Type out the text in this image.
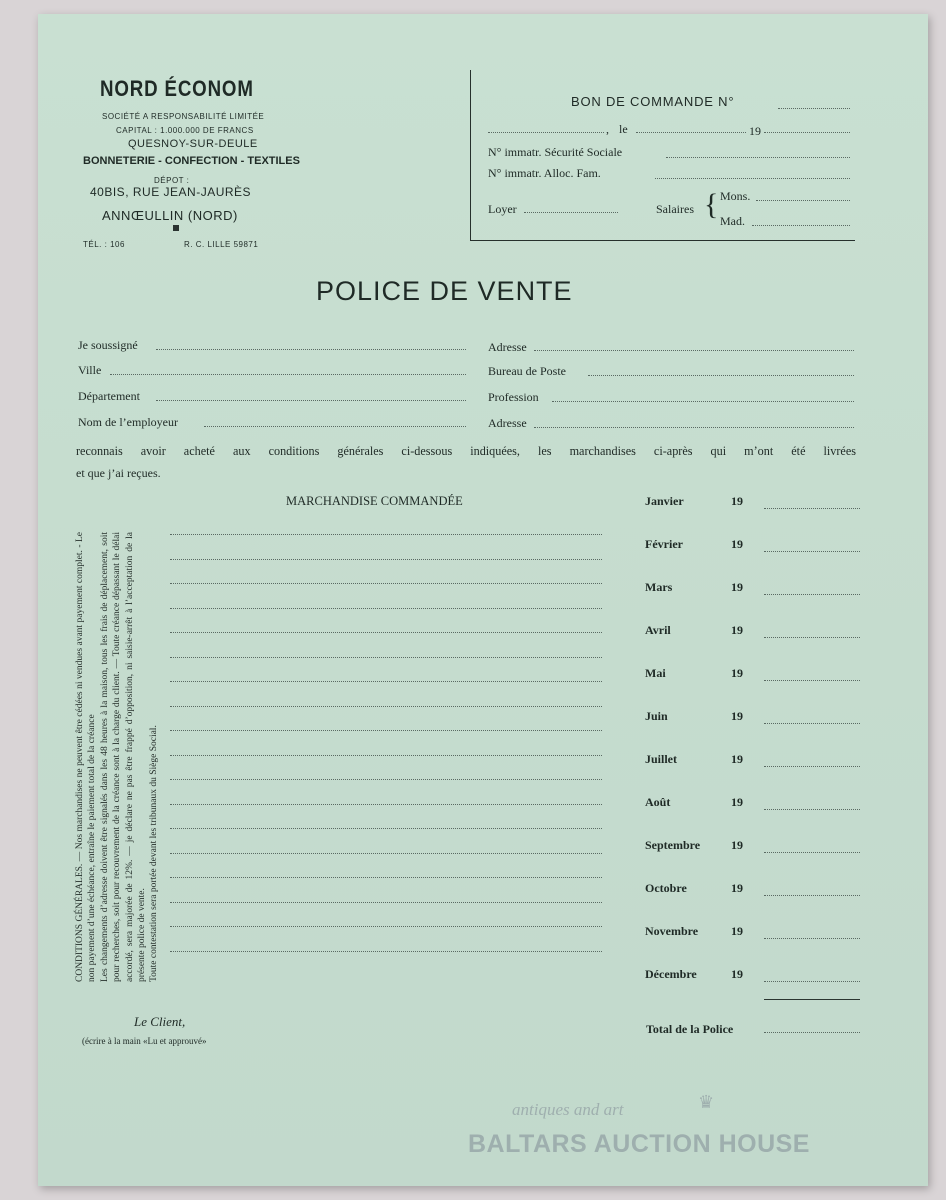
NORD ÉCONOM
SOCIÉTÉ A RESPONSABILITÉ LIMITÉE
CAPITAL : 1.000.000 DE FRANCS
QUESNOY-SUR-DEULE
BONNETERIE - CONFECTION - TEXTILES
DÉPOT :
40BIS, RUE JEAN-JAURÈS
ANNŒULLIN (NORD)
TÉL. : 106	R. C. LILLE 59871
BON DE COMMANDE N°
, le	19
N° immatr. Sécurité Sociale
N° immatr. Alloc. Fam.
Loyer	Salaires { Mons.
Mad.
POLICE DE VENTE
Je soussigné	Adresse
Ville	Bureau de Poste
Département	Profession
Nom de l’employeur	Adresse
reconnais avoir acheté aux conditions générales ci-dessous indiquées, les marchandises ci-après qui m’ont été livrées
et que j’ai reçues.
MARCHANDISE COMMANDÉE

CONDITIONS GÉNÉRALES. — Nos marchandises ne peuvent être cédées ni vendues avant payement complet. - Le non payement d’une échéance, entraîne le paiement total de la créance Les changements d’adresse doivent être signalés dans les 48 heures à la maison, tous les frais de déplacement, soit pour recherches, soit pour recouvrement de la créance sont à la charge du client. — Toute créance dépassant le délai accordé, sera majorée de 12%. — je déclare ne pas être frappé d’opposition, ni saisie-arrêt à l’acceptation de la présente police de vente. Toute contestation sera portée devant les tribunaux du Siège Social.

Janvier	19
Février	19
Mars	19
Avril	19
Mai	19
Juin	19
Juillet	19
Août	19
Septembre	19
Octobre	19
Novembre	19
Décembre	19
Total de la Police
Le Client,
(écrire à la main «Lu et approuvé»
antiques and art	♛
BALTARS AUCTION HOUSE
